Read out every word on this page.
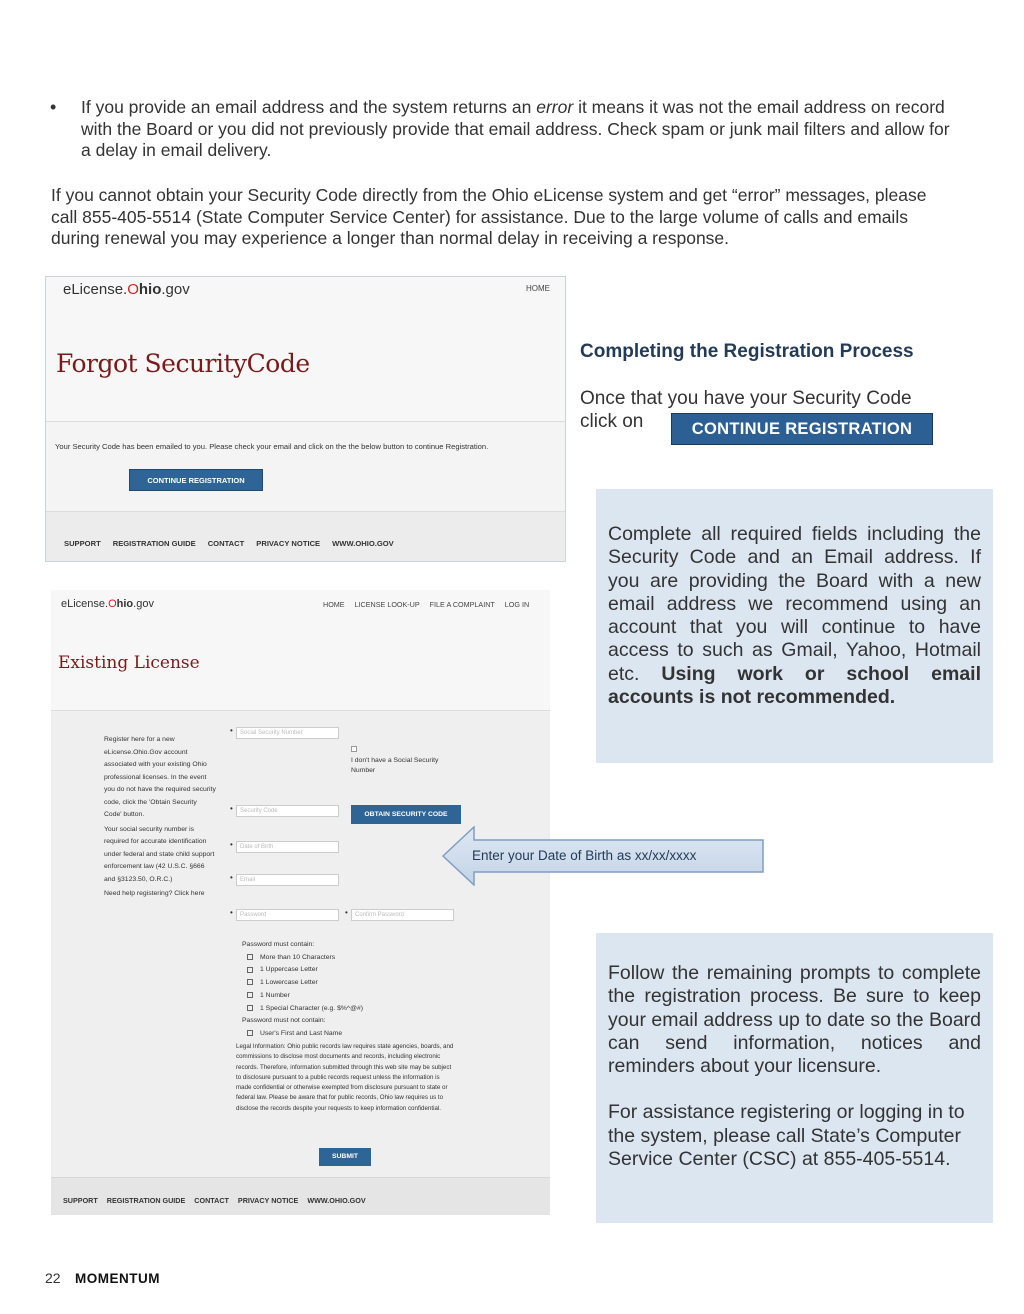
• If you provide an email address and the system returns an error it means it was not the email address on record with the Board or you did not previously provide that email address. Check spam or junk mail filters and allow for a delay in email delivery.

If you cannot obtain your Security Code directly from the Ohio eLicense system and get “error” messages, please call 855-405-5514 (State Computer Service Center) for assistance. Due to the large volume of calls and emails during renewal you may experience a longer than normal delay in receiving a response.

eLicense.Ohio.gov	HOME
Forgot SecurityCode
Your Security Code has been emailed to you. Please check your email and click on the the below button to continue Registration.
CONTINUE REGISTRATION
SUPPORT REGISTRATION GUIDE CONTACT PRIVACY NOTICE WWW.OHIO.GOV
Completing the Registration Process
Once that you have your Security Code click on	CONTINUE REGISTRATION
Complete all required fields including the Security Code and an Email address. If you are providing the Board with a new email address we recommend using an account that you will continue to have access to such as Gmail, Yahoo, Hotmail etc. Using work or school email accounts is not recommended.
eLicense.Ohio.gov	HOME LICENSE LOOK-UP FILE A COMPLAINT LOG IN
Existing License

Register here for a new eLicense.Ohio.Gov account associated with your existing Ohio professional licenses. In the event you do not have the required security code, click the 'Obtain Security Code' button.

Your social security number is required for accurate identification under federal and state child support enforcement law (42 U.S.C. §666 and §3123.50, O.R.C.)

Need help registering? Click here

•	Social Security Number
I don't have a Social Security Number
•	Security Code	OBTAIN SECURITY CODE
•	Date of Birth
•	Email
•	Password	•	Confirm Password
Password must contain:
More than 10 Characters
1 Uppercase Letter
1 Lowercase Letter
1 Number
1 Special Character (e.g. $%^@#)
Password must not contain:
User's First and Last Name
Legal Information: Ohio public records law requires state agencies, boards, and commissions to disclose most documents and records, including electronic records. Therefore, information submitted through this web site may be subject to disclosure pursuant to a public records request unless the information is made confidential or otherwise exempted from disclosure pursuant to state or federal law. Please be aware that for public records, Ohio law requires us to disclose the records despite your requests to keep information confidential.
SUBMIT
SUPPORT REGISTRATION GUIDE CONTACT PRIVACY NOTICE WWW.OHIO.GOV
Enter your Date of Birth as xx/xx/xxxx

Follow the remaining prompts to complete the registration process. Be sure to keep your email address up to date so the Board can send information, notices and reminders about your licensure.

For assistance registering or logging in to the system, please call State’s Computer Service Center (CSC) at 855-405-5514.

22 MOMENTUM
